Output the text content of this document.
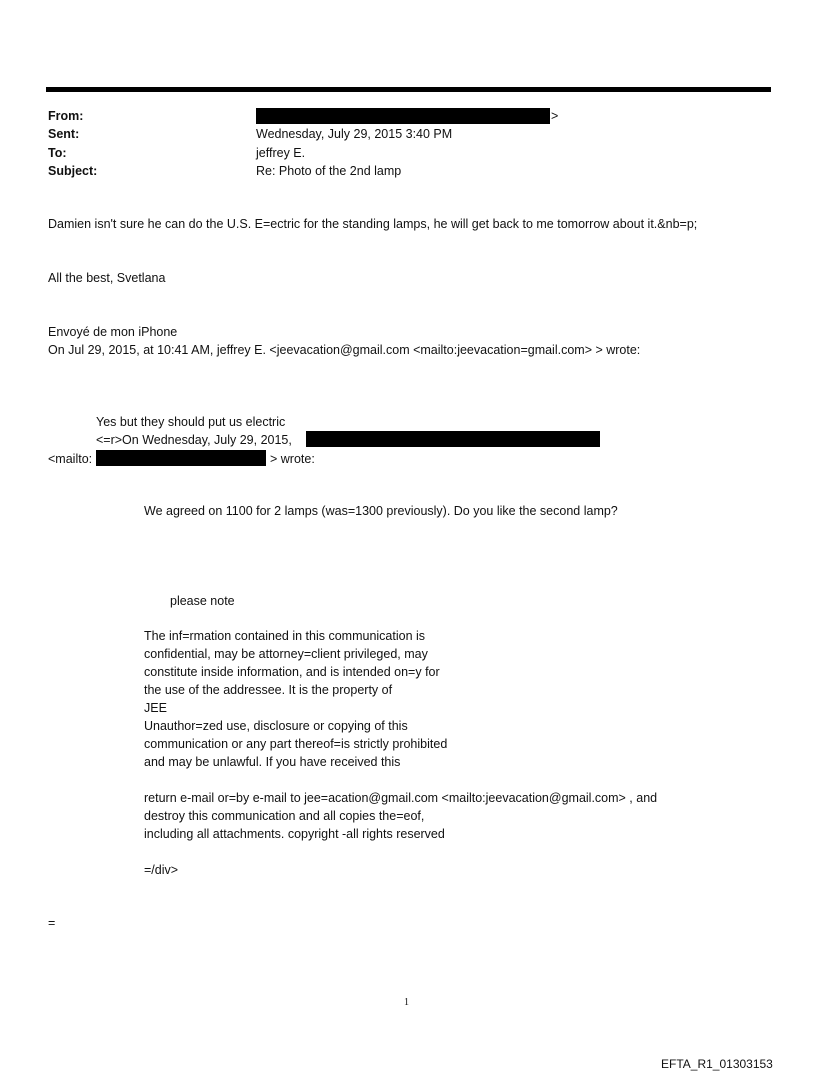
From:	>
Sent:	Wednesday, July 29, 2015 3:40 PM
To:	jeffrey E.
Subject:	Re: Photo of the 2nd lamp
Damien isn't sure he can do the U.S. E=ectric for the standing lamps, he will get back to me tomorrow about it.&nb=p;
All the best, Svetlana
Envoyé de mon iPhone
On Jul 29, 2015, at 10:41 AM, jeffrey E. <jeevacation@gmail.com <mailto:jeevacation=gmail.com> > wrote:
Yes but they should put us electric
<=r>On Wednesday, July 29, 2015,
<mailto:	> wrote:
We agreed on 1100 for 2 lamps (was=1300 previously). Do you like the second lamp?
please note
The inf=rmation contained in this communication is
confidential, may be attorney=client privileged, may
constitute inside information, and is intended on=y for
the use of the addressee. It is the property of
JEE
Unauthor=zed use, disclosure or copying of this
communication or any part thereof=is strictly prohibited
and may be unlawful. If you have received this
return e-mail or=by e-mail to jee=acation@gmail.com <mailto:jeevacation@gmail.com> , and
destroy this communication and all copies the=eof,
including all attachments. copyright -all rights reserved
=/div>
=
1
EFTA_R1_01303153
